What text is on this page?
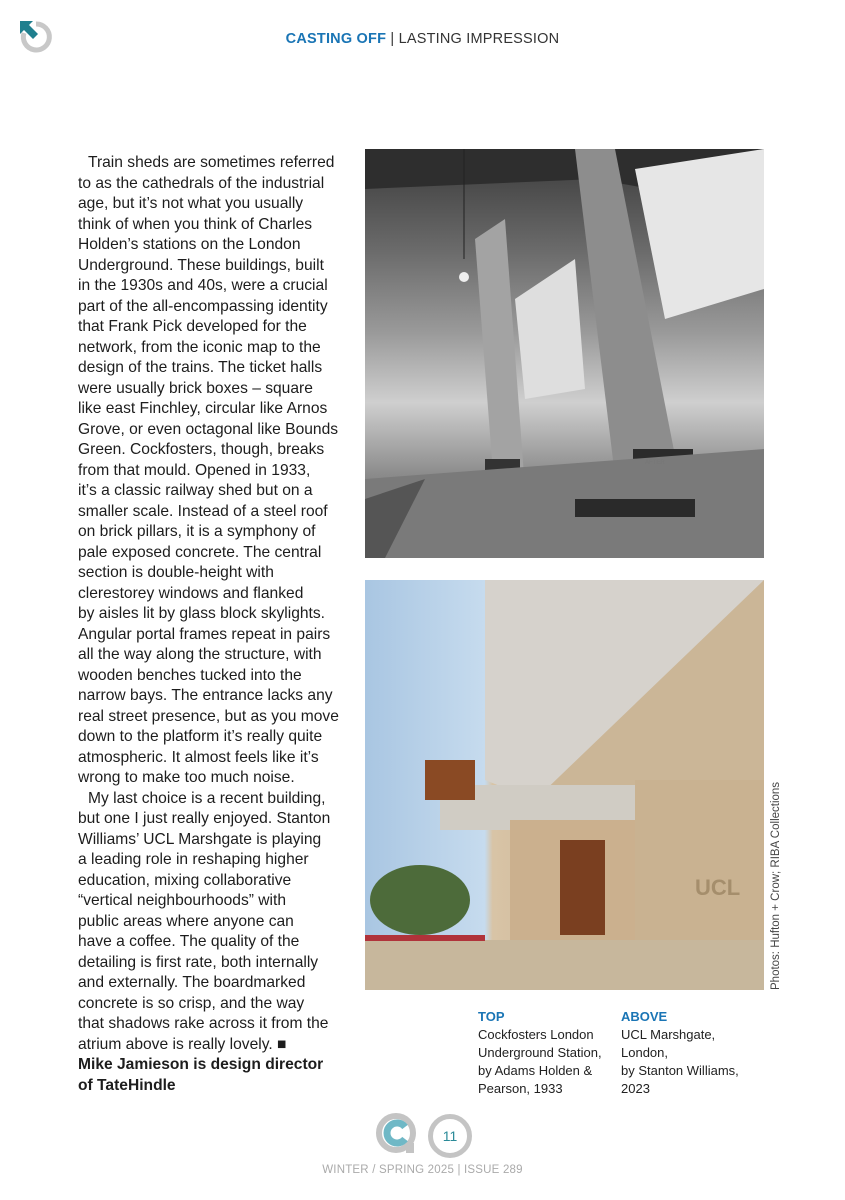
CASTING OFF | LASTING IMPRESSION
Train sheds are sometimes referred
to as the cathedrals of the industrial
age, but it’s not what you usually
think of when you think of Charles
Holden’s stations on the London
Underground. These buildings, built
in the 1930s and 40s, were a crucial
part of the all-encompassing identity
that Frank Pick developed for the
network, from the iconic map to the
design of the trains. The ticket halls
were usually brick boxes – square
like east Finchley, circular like Arnos
Grove, or even octagonal like Bounds
Green. Cockfosters, though, breaks
from that mould. Opened in 1933,
it’s a classic railway shed but on a
smaller scale. Instead of a steel roof
on brick pillars, it is a symphony of
pale exposed concrete. The central
section is double-height with
clerestorey windows and flanked
by aisles lit by glass block skylights.
Angular portal frames repeat in pairs
all the way along the structure, with
wooden benches tucked into the
narrow bays. The entrance lacks any
real street presence, but as you move
down to the platform it’s really quite
atmospheric. It almost feels like it’s
wrong to make too much noise.
My last choice is a recent building,
but one I just really enjoyed. Stanton
Williams’ UCL Marshgate is playing
a leading role in reshaping higher
education, mixing collaborative
“vertical neighbourhoods” with
public areas where anyone can
have a coffee. The quality of the
detailing is first rate, both internally
and externally. The boardmarked
concrete is so crisp, and the way
that shadows rake across it from the
atrium above is really lovely. ■
Mike Jamieson is design director
of TateHindle
AFTER
UCL	Photos: Hufton + Crow; RIBA Collections
TOP
Cockfosters London
Underground Station,
by Adams Holden &
Pearson, 1933
ABOVE
UCL Marshgate, London,
by Stanton Williams,
2023
11
WINTER / SPRING 2025 | ISSUE 289
